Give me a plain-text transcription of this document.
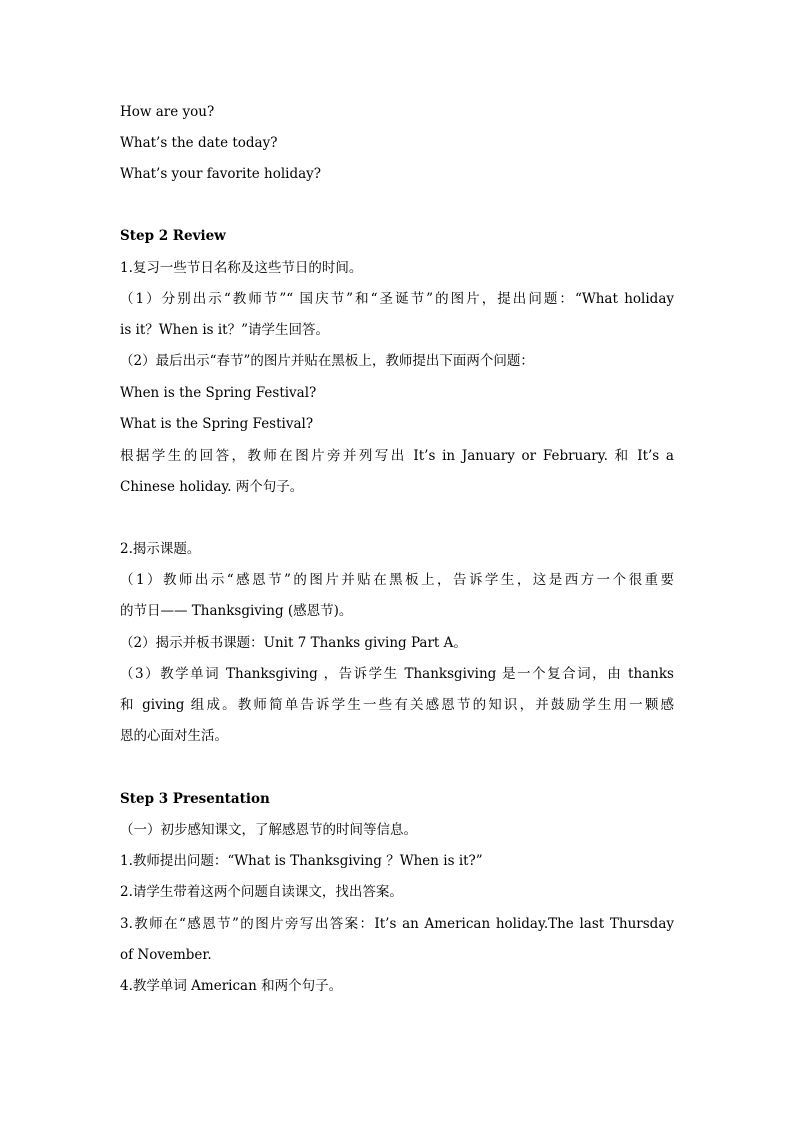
How are you?
What’s the date today?
What’s your favorite holiday?
Step 2 Review
1.复习一些节日名称及这些节日的时间。
（1）分别出示“教师节”“ 国庆节”和“圣诞节”的图片，提出问题：“What holiday
is it？When is it？”请学生回答。
（2）最后出示“春节”的图片并贴在黑板上，教师提出下面两个问题：
When is the Spring Festival?
What is the Spring Festival?
根据学生的回答，教师在图片旁并列写出 It’s in January or February. 和 It’s a
Chinese holiday. 两个句子。
2.揭示课题。
（1）教师出示“感恩节”的图片并贴在黑板上，告诉学生，这是西方一个很重要
的节日—— Thanksgiving (感恩节)。
（2）揭示并板书课题：Unit 7 Thanks giving Part A。
（3）教学单词 Thanksgiving ，告诉学生 Thanksgiving 是一个复合词，由 thanks
和 giving 组成。教师简单告诉学生一些有关感恩节的知识，并鼓励学生用一颗感
恩的心面对生活。
Step 3 Presentation
（一）初步感知课文，了解感恩节的时间等信息。
1.教师提出问题：“What is Thanksgiving ？When is it?”
2.请学生带着这两个问题自读课文，找出答案。
3.教师在“感恩节”的图片旁写出答案：It’s an American holiday.The last Thursday
of November.
4.教学单词 American 和两个句子。
